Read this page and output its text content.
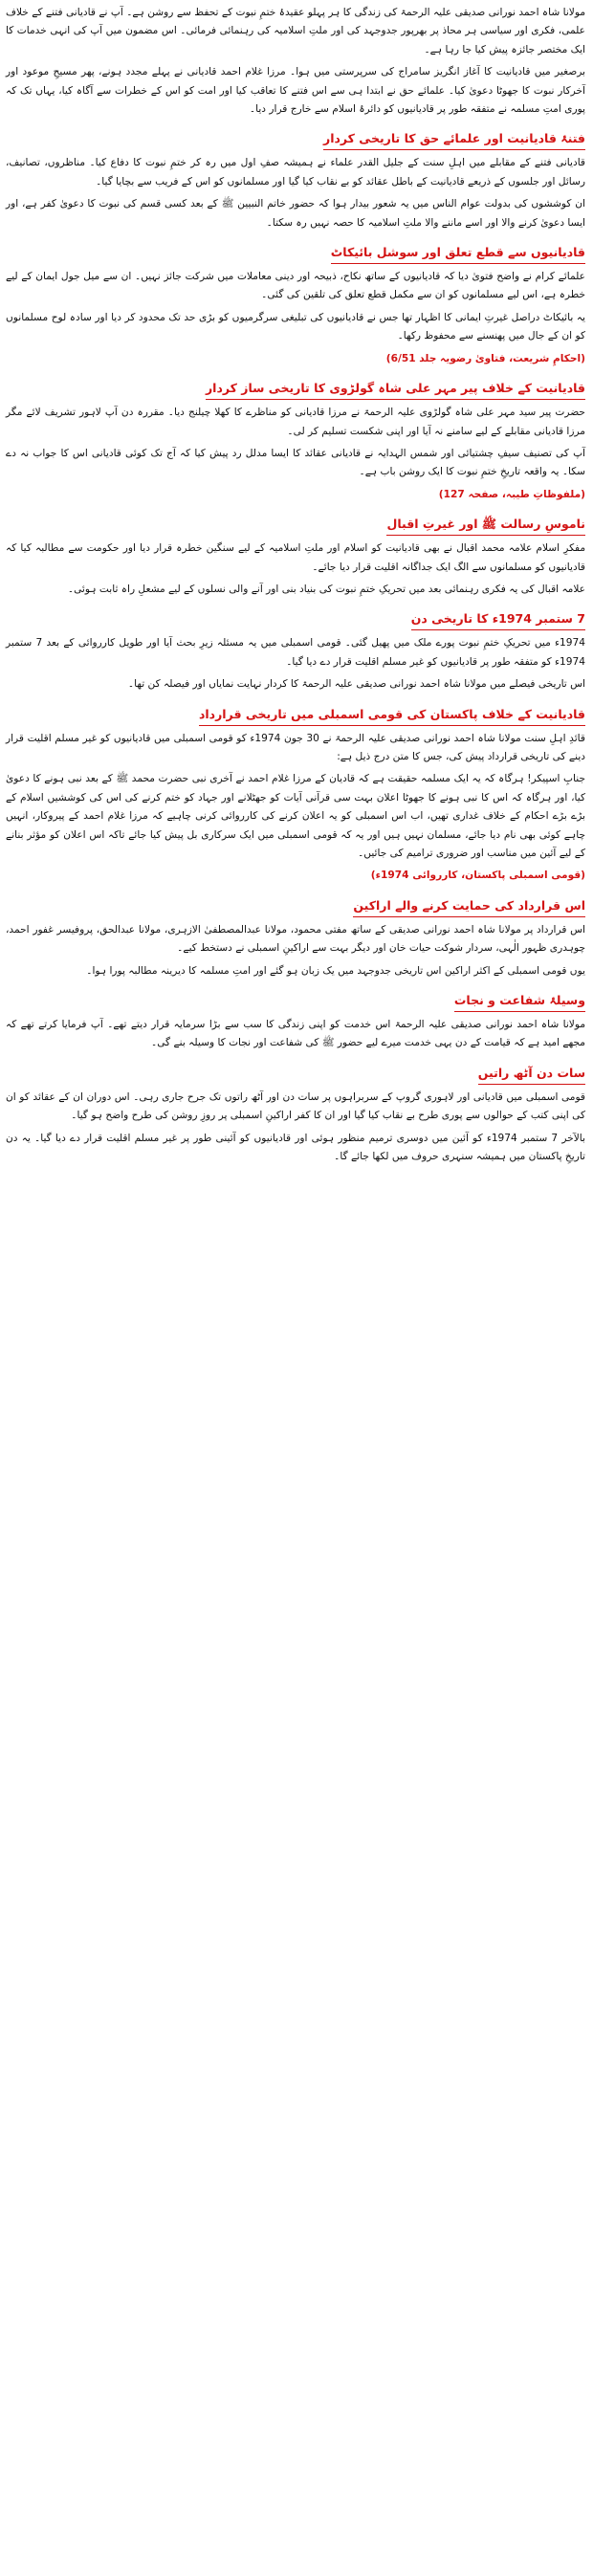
مولانا شاہ احمد نورانی صدیقی علیہ الرحمۃ کی زندگی کا ہر پہلو عقیدۂ ختمِ نبوت کے تحفظ سے روشن ہے۔ آپ نے قادیانی فتنے کے خلاف علمی، فکری اور سیاسی ہر محاذ پر بھرپور جدوجہد کی اور ملتِ اسلامیہ کی رہنمائی فرمائی۔ اس مضمون میں آپ کی انہی خدمات کا ایک مختصر جائزہ پیش کیا جا رہا ہے۔

برصغیر میں قادیانیت کا آغاز انگریز سامراج کی سرپرستی میں ہوا۔ مرزا غلام احمد قادیانی نے پہلے مجدد ہونے، پھر مسیحِ موعود اور آخرکار نبوت کا جھوٹا دعویٰ کیا۔ علمائے حق نے ابتدا ہی سے اس فتنے کا تعاقب کیا اور امت کو اس کے خطرات سے آگاہ کیا، یہاں تک کہ پوری امتِ مسلمہ نے متفقہ طور پر قادیانیوں کو دائرۂ اسلام سے خارج قرار دیا۔

فتنۂ قادیانیت اور علمائے حق کا تاریخی کردار

قادیانی فتنے کے مقابلے میں اہلِ سنت کے جلیل القدر علماء نے ہمیشہ صفِ اول میں رہ کر ختمِ نبوت کا دفاع کیا۔ مناظروں، تصانیف، رسائل اور جلسوں کے ذریعے قادیانیت کے باطل عقائد کو بے نقاب کیا گیا اور مسلمانوں کو اس کے فریب سے بچایا گیا۔

ان کوششوں کی بدولت عوام الناس میں یہ شعور بیدار ہوا کہ حضور خاتم النبیین ﷺ کے بعد کسی قسم کی نبوت کا دعویٰ کفر ہے، اور ایسا دعویٰ کرنے والا اور اسے ماننے والا ملتِ اسلامیہ کا حصہ نہیں رہ سکتا۔

قادیانیوں سے قطع تعلق اور سوشل بائیکاٹ

علمائے کرام نے واضح فتویٰ دیا کہ قادیانیوں کے ساتھ نکاح، ذبیحہ اور دینی معاملات میں شرکت جائز نہیں۔ ان سے میل جول ایمان کے لیے خطرہ ہے، اس لیے مسلمانوں کو ان سے مکمل قطع تعلق کی تلقین کی گئی۔

یہ بائیکاٹ دراصل غیرتِ ایمانی کا اظہار تھا جس نے قادیانیوں کی تبلیغی سرگرمیوں کو بڑی حد تک محدود کر دیا اور سادہ لوح مسلمانوں کو ان کے جال میں پھنسنے سے محفوظ رکھا۔

(احکامِ شریعت، فتاویٰ رضویہ جلد 6/51)

قادیانیت کے خلاف پیر مہر علی شاہ گولڑوی کا تاریخی ساز کردار

حضرت پیر سید مہر علی شاہ گولڑوی علیہ الرحمۃ نے مرزا قادیانی کو مناظرے کا کھلا چیلنج دیا۔ مقررہ دن آپ لاہور تشریف لائے مگر مرزا قادیانی مقابلے کے لیے سامنے نہ آیا اور اپنی شکست تسلیم کر لی۔

آپ کی تصنیف سیفِ چشتیائی اور شمس الہدایہ نے قادیانی عقائد کا ایسا مدلل رد پیش کیا کہ آج تک کوئی قادیانی اس کا جواب نہ دے سکا۔ یہ واقعہ تاریخِ ختمِ نبوت کا ایک روشن باب ہے۔

(ملفوظاتِ طیبہ، صفحہ 127)

ناموسِ رسالت ﷺ اور غیرتِ اقبال

مفکرِ اسلام علامہ محمد اقبال نے بھی قادیانیت کو اسلام اور ملتِ اسلامیہ کے لیے سنگین خطرہ قرار دیا اور حکومت سے مطالبہ کیا کہ قادیانیوں کو مسلمانوں سے الگ ایک جداگانہ اقلیت قرار دیا جائے۔

علامہ اقبال کی یہ فکری رہنمائی بعد میں تحریکِ ختمِ نبوت کی بنیاد بنی اور آنے والی نسلوں کے لیے مشعلِ راہ ثابت ہوئی۔

7 ستمبر 1974ء کا تاریخی دن

1974ء میں تحریکِ ختمِ نبوت پورے ملک میں پھیل گئی۔ قومی اسمبلی میں یہ مسئلہ زیرِ بحث آیا اور طویل کارروائی کے بعد 7 ستمبر 1974ء کو متفقہ طور پر قادیانیوں کو غیر مسلم اقلیت قرار دے دیا گیا۔

اس تاریخی فیصلے میں مولانا شاہ احمد نورانی صدیقی علیہ الرحمۃ کا کردار نہایت نمایاں اور فیصلہ کن تھا۔

قادیانیت کے خلاف پاکستان کی قومی اسمبلی میں تاریخی قرارداد

قائدِ اہلِ سنت مولانا شاہ احمد نورانی صدیقی علیہ الرحمۃ نے 30 جون 1974ء کو قومی اسمبلی میں قادیانیوں کو غیر مسلم اقلیت قرار دینے کی تاریخی قرارداد پیش کی، جس کا متن درج ذیل ہے:

جنابِ اسپیکر! ہرگاہ کہ یہ ایک مسلمہ حقیقت ہے کہ قادیان کے مرزا غلام احمد نے آخری نبی حضرت محمد ﷺ کے بعد نبی ہونے کا دعویٰ کیا، اور ہرگاہ کہ اس کا نبی ہونے کا جھوٹا اعلان بہت سی قرآنی آیات کو جھٹلانے اور جہاد کو ختم کرنے کی اس کی کوششیں اسلام کے بڑے بڑے احکام کے خلاف غداری تھیں، اب اس اسمبلی کو یہ اعلان کرنے کی کارروائی کرنی چاہیے کہ مرزا غلام احمد کے پیروکار، انہیں چاہے کوئی بھی نام دیا جائے، مسلمان نہیں ہیں اور یہ کہ قومی اسمبلی میں ایک سرکاری بل پیش کیا جائے تاکہ اس اعلان کو مؤثر بنانے کے لیے آئین میں مناسب اور ضروری ترامیم کی جائیں۔

(قومی اسمبلی پاکستان، کارروائی 1974ء)

اس قرارداد کی حمایت کرنے والے اراکین

اس قرارداد پر مولانا شاہ احمد نورانی صدیقی کے ساتھ مفتی محمود، مولانا عبدالمصطفیٰ الازہری، مولانا عبدالحق، پروفیسر غفور احمد، چوہدری ظہور الٰہی، سردار شوکت حیات خان اور دیگر بہت سے اراکینِ اسمبلی نے دستخط کیے۔

یوں قومی اسمبلی کے اکثر اراکین اس تاریخی جدوجہد میں یک زبان ہو گئے اور امتِ مسلمہ کا دیرینہ مطالبہ پورا ہوا۔

وسیلۂ شفاعت و نجات

مولانا شاہ احمد نورانی صدیقی علیہ الرحمۃ اس خدمت کو اپنی زندگی کا سب سے بڑا سرمایہ قرار دیتے تھے۔ آپ فرمایا کرتے تھے کہ مجھے امید ہے کہ قیامت کے دن یہی خدمت میرے لیے حضور ﷺ کی شفاعت اور نجات کا وسیلہ بنے گی۔

سات دن آٹھ راتیں

قومی اسمبلی میں قادیانی اور لاہوری گروپ کے سربراہوں پر سات دن اور آٹھ راتوں تک جرح جاری رہی۔ اس دوران ان کے عقائد کو ان کی اپنی کتب کے حوالوں سے پوری طرح بے نقاب کیا گیا اور ان کا کفر اراکینِ اسمبلی پر روزِ روشن کی طرح واضح ہو گیا۔

بالآخر 7 ستمبر 1974ء کو آئین میں دوسری ترمیم منظور ہوئی اور قادیانیوں کو آئینی طور پر غیر مسلم اقلیت قرار دے دیا گیا۔ یہ دن تاریخِ پاکستان میں ہمیشہ سنہری حروف میں لکھا جائے گا۔
